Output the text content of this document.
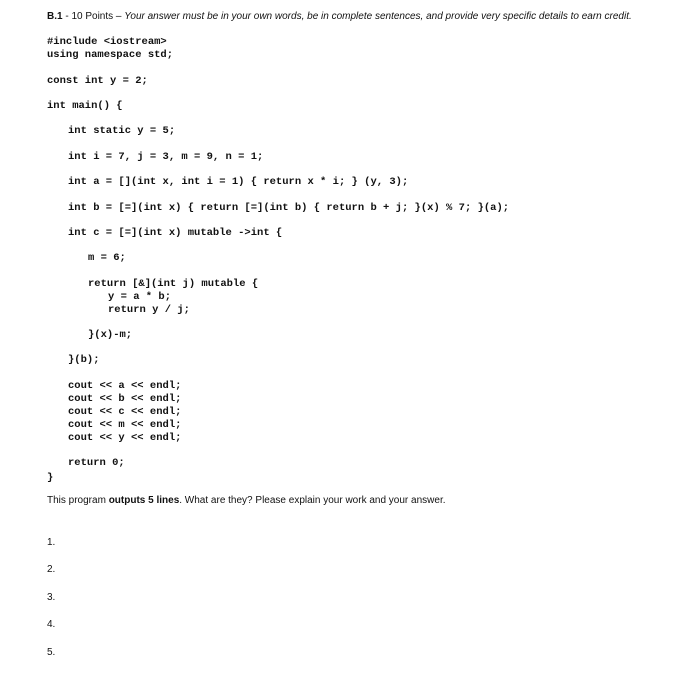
B.1 - 10 Points – Your answer must be in your own words, be in complete sentences, and provide very specific details to earn credit.
#include <iostream>
using namespace std;
const int y = 2;
int main() {
int static y = 5;
int i = 7, j = 3, m = 9, n = 1;
int a = [](int x, int i = 1) { return x * i; } (y, 3);
int b = [=](int x) { return [=](int b) { return b + j; }(x) % 7; }(a);
int c = [=](int x) mutable ->int {
m = 6;
return [&](int j) mutable {
y = a * b;
return y / j;
}(x)-m;
}(b);
cout << a << endl;
cout << b << endl;
cout << c << endl;
cout << m << endl;
cout << y << endl;
return 0;
}
This program outputs 5 lines. What are they? Please explain your work and your answer.
1.
2.
3.
4.
5.
